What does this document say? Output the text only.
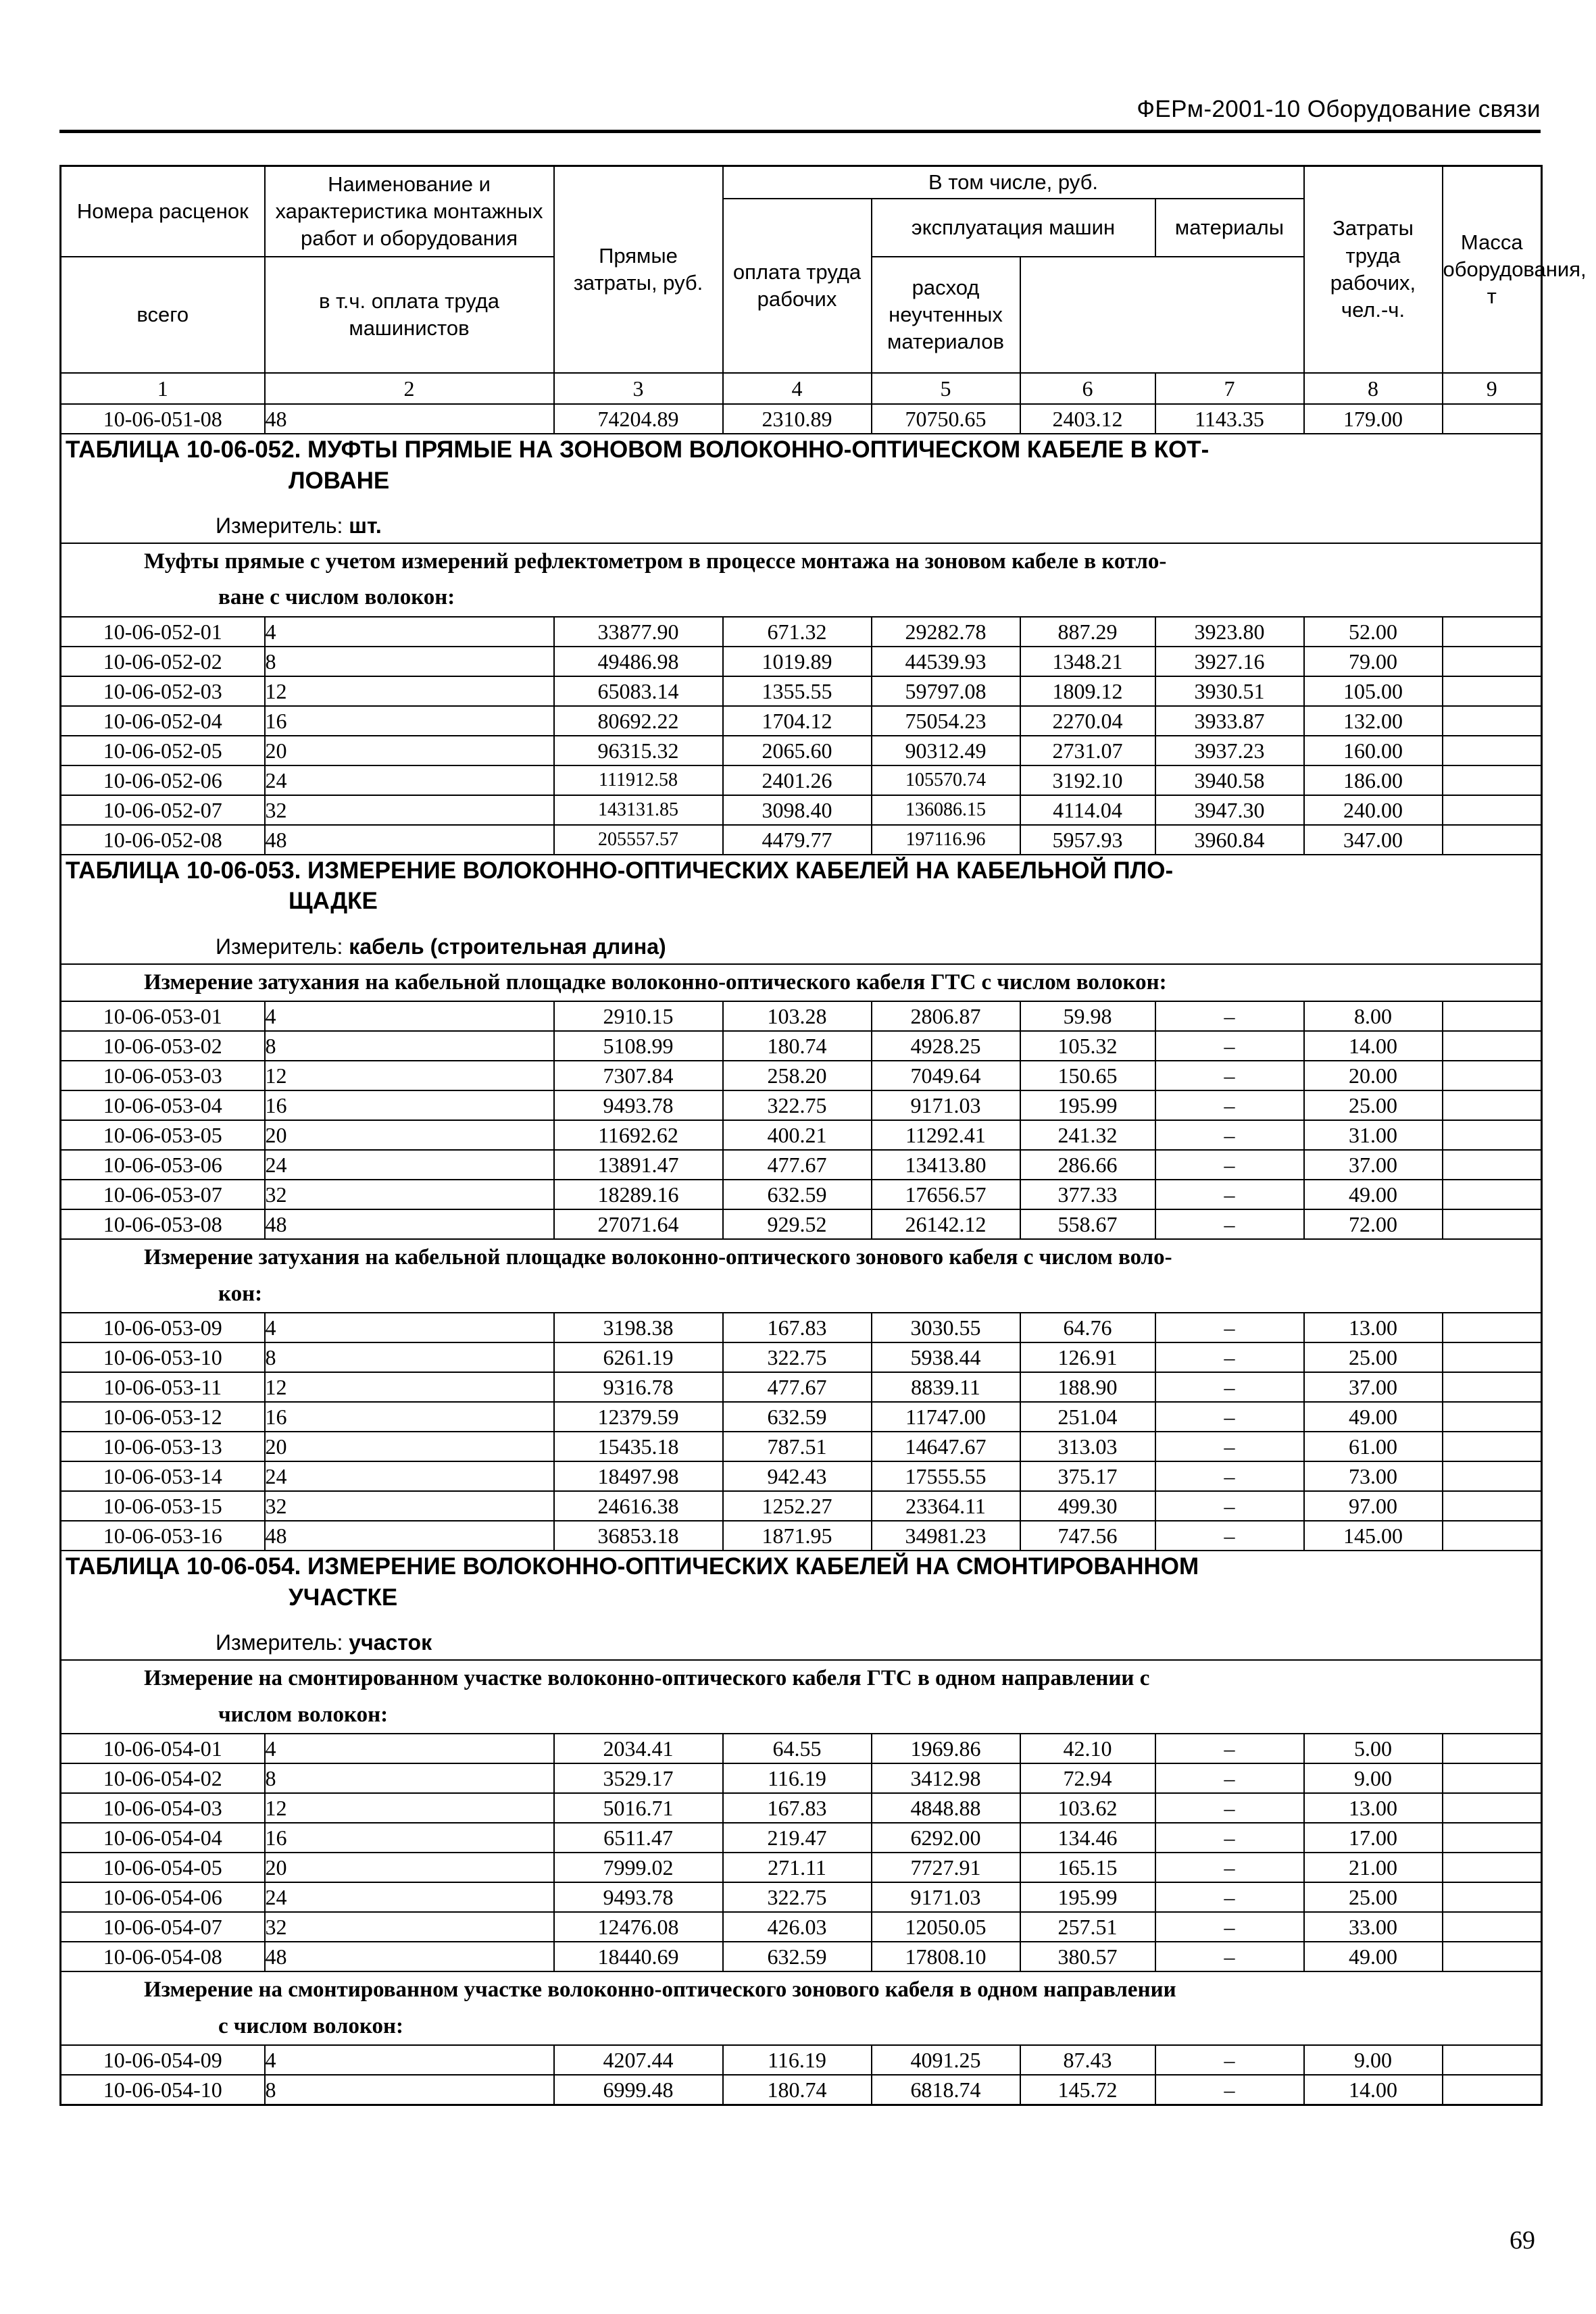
ФЕРм-2001-10 Оборудование связи
Номера расценок	Наименование и характеристика монтажных работ и оборудования	Прямые затраты, руб.	В том числе, руб.				Затраты труда рабочих, чел.-ч.	Масса оборудования, т
			оплата труда рабочих	эксплуатация машин		материалы		
всего	в т.ч. оплата труда машинистов			расход неучтенных материалов				

1	2	3	4	5	6	7	8	9
10-06-051-08	48	74204.89	2310.89	70750.65	2403.12	1143.35	179.00	

ТАБЛИЦА 10-06-052. МУФТЫ ПРЯМЫЕ НА ЗОНОВОМ ВОЛОКОННО-ОПТИЧЕСКОМ КАБЕЛЕ В КОТ-
ЛОВАНЕ
Измеритель: шт.								

Муфты прямые с учетом измерений рефлектометром в процессе монтажа на зоновом кабеле в котло-
ване с числом волокон:								

10-06-052-01	4	33877.90	671.32	29282.78	887.29	3923.80	52.00	
10-06-052-02	8	49486.98	1019.89	44539.93	1348.21	3927.16	79.00	
10-06-052-03	12	65083.14	1355.55	59797.08	1809.12	3930.51	105.00	
10-06-052-04	16	80692.22	1704.12	75054.23	2270.04	3933.87	132.00	
10-06-052-05	20	96315.32	2065.60	90312.49	2731.07	3937.23	160.00	
10-06-052-06	24	111912.58	2401.26	105570.74	3192.10	3940.58	186.00	
10-06-052-07	32	143131.85	3098.40	136086.15	4114.04	3947.30	240.00	
10-06-052-08	48	205557.57	4479.77	197116.96	5957.93	3960.84	347.00	

ТАБЛИЦА 10-06-053. ИЗМЕРЕНИЕ ВОЛОКОННО-ОПТИЧЕСКИХ КАБЕЛЕЙ НА КАБЕЛЬНОЙ ПЛО-
ЩАДКЕ
Измеритель: кабель (строительная длина)								

Измерение затухания на кабельной площадке волоконно-оптического кабеля ГТС с числом волокон:								

10-06-053-01	4	2910.15	103.28	2806.87	59.98	–	8.00	
10-06-053-02	8	5108.99	180.74	4928.25	105.32	–	14.00	
10-06-053-03	12	7307.84	258.20	7049.64	150.65	–	20.00	
10-06-053-04	16	9493.78	322.75	9171.03	195.99	–	25.00	
10-06-053-05	20	11692.62	400.21	11292.41	241.32	–	31.00	
10-06-053-06	24	13891.47	477.67	13413.80	286.66	–	37.00	
10-06-053-07	32	18289.16	632.59	17656.57	377.33	–	49.00	
10-06-053-08	48	27071.64	929.52	26142.12	558.67	–	72.00	

Измерение затухания на кабельной площадке волоконно-оптического зонового кабеля с числом воло-
кон:								

10-06-053-09	4	3198.38	167.83	3030.55	64.76	–	13.00	
10-06-053-10	8	6261.19	322.75	5938.44	126.91	–	25.00	
10-06-053-11	12	9316.78	477.67	8839.11	188.90	–	37.00	
10-06-053-12	16	12379.59	632.59	11747.00	251.04	–	49.00	
10-06-053-13	20	15435.18	787.51	14647.67	313.03	–	61.00	
10-06-053-14	24	18497.98	942.43	17555.55	375.17	–	73.00	
10-06-053-15	32	24616.38	1252.27	23364.11	499.30	–	97.00	
10-06-053-16	48	36853.18	1871.95	34981.23	747.56	–	145.00	

ТАБЛИЦА 10-06-054. ИЗМЕРЕНИЕ ВОЛОКОННО-ОПТИЧЕСКИХ КАБЕЛЕЙ НА СМОНТИРОВАННОМ
УЧАСТКЕ
Измеритель: участок								

Измерение на смонтированном участке волоконно-оптического кабеля ГТС в одном направлении с
числом волокон:								

10-06-054-01	4	2034.41	64.55	1969.86	42.10	–	5.00	
10-06-054-02	8	3529.17	116.19	3412.98	72.94	–	9.00	
10-06-054-03	12	5016.71	167.83	4848.88	103.62	–	13.00	
10-06-054-04	16	6511.47	219.47	6292.00	134.46	–	17.00	
10-06-054-05	20	7999.02	271.11	7727.91	165.15	–	21.00	
10-06-054-06	24	9493.78	322.75	9171.03	195.99	–	25.00	
10-06-054-07	32	12476.08	426.03	12050.05	257.51	–	33.00	
10-06-054-08	48	18440.69	632.59	17808.10	380.57	–	49.00	

Измерение на смонтированном участке волоконно-оптического зонового кабеля в одном направлении
с числом волокон:								

10-06-054-09	4	4207.44	116.19	4091.25	87.43	–	9.00	
10-06-054-10	8	6999.48	180.74	6818.74	145.72	–	14.00	
69
